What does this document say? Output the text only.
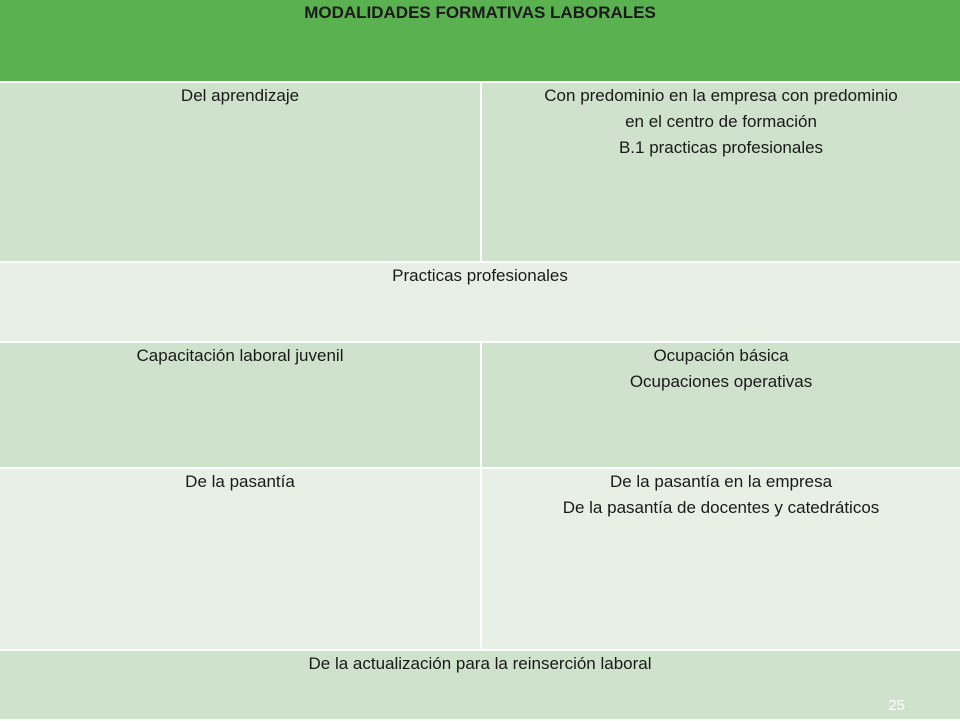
MODALIDADES FORMATIVAS LABORALES	

Del aprendizaje	Con predominio en la empresa con predominio
en el centro de formación
B.1 practicas profesionales

Practicas profesionales	

Capacitación laboral juvenil	Ocupación básica
Ocupaciones operativas

De la pasantía	De la pasantía en la empresa
De la pasantía de docentes y catedráticos

De la actualización para la reinserción laboral	
25
